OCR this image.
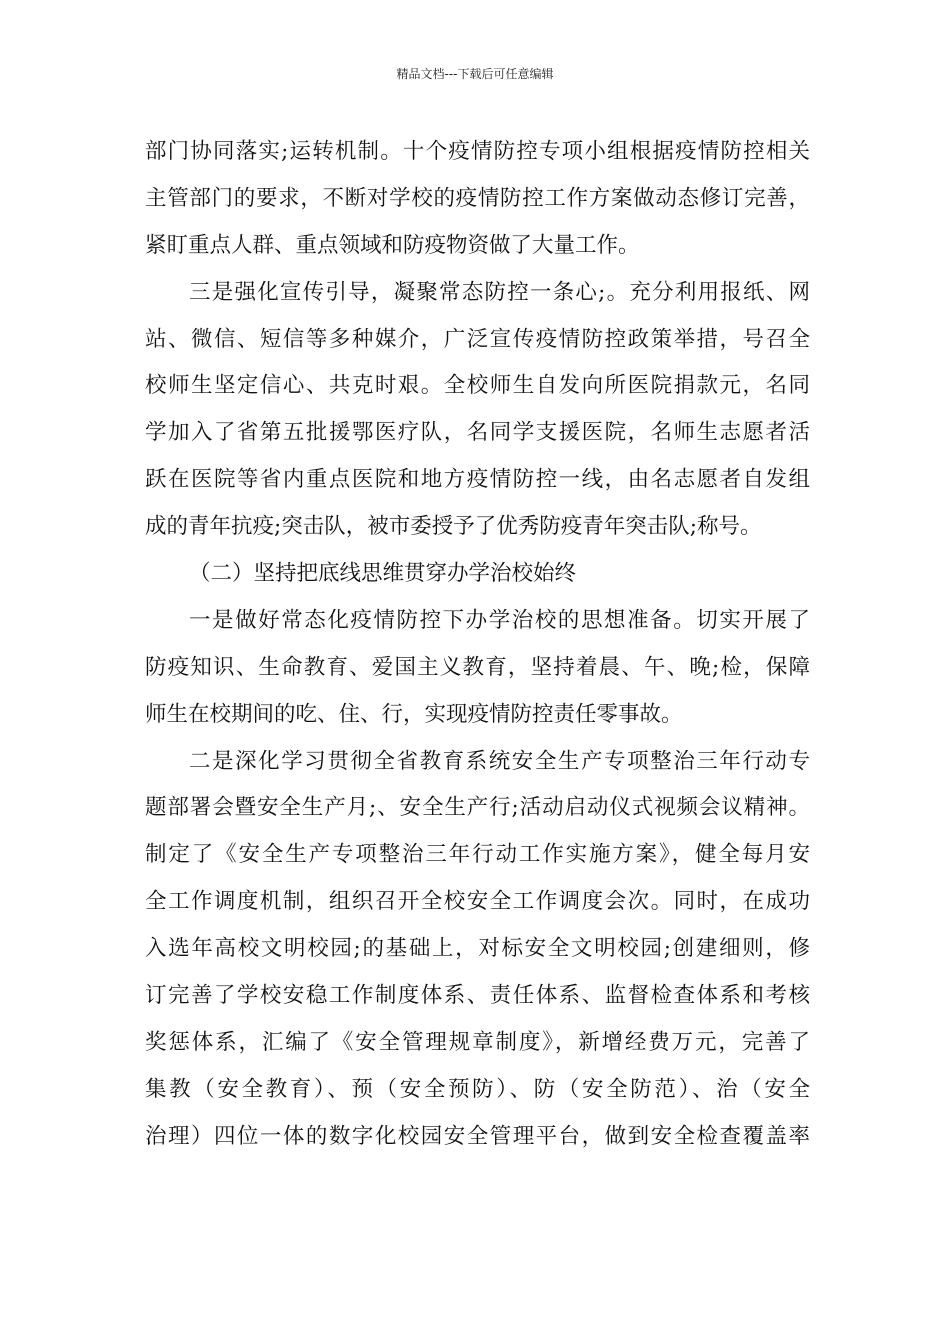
精品文档---下载后可任意编辑
部门协同落实;运转机制。十个疫情防控专项小组根据疫情防控相关
主管部门的要求，不断对学校的疫情防控工作方案做动态修订完善，
紧盯重点人群、重点领域和防疫物资做了大量工作。
三是强化宣传引导，凝聚常态防控一条心;。充分利用报纸、网
站、微信、短信等多种媒介，广泛宣传疫情防控政策举措，号召全
校师生坚定信心、共克时艰。全校师生自发向所医院捐款元，名同
学加入了省第五批援鄂医疗队，名同学支援医院，名师生志愿者活
跃在医院等省内重点医院和地方疫情防控一线，由名志愿者自发组
成的青年抗疫;突击队，被市委授予了优秀防疫青年突击队;称号。
（二）坚持把底线思维贯穿办学治校始终
一是做好常态化疫情防控下办学治校的思想准备。切实开展了
防疫知识、生命教育、爱国主义教育，坚持着晨、午、晚;检，保障
师生在校期间的吃、住、行，实现疫情防控责任零事故。
二是深化学习贯彻全省教育系统安全生产专项整治三年行动专
题部署会暨安全生产月;、安全生产行;活动启动仪式视频会议精神。
制定了《安全生产专项整治三年行动工作实施方案》，健全每月安
全工作调度机制，组织召开全校安全工作调度会次。同时，在成功
入选年高校文明校园;的基础上，对标安全文明校园;创建细则，修
订完善了学校安稳工作制度体系、责任体系、监督检查体系和考核
奖惩体系，汇编了《安全管理规章制度》，新增经费万元，完善了
集教（安全教育）、预（安全预防）、防（安全防范）、治（安全
治理）四位一体的数字化校园安全管理平台，做到安全检查覆盖率
